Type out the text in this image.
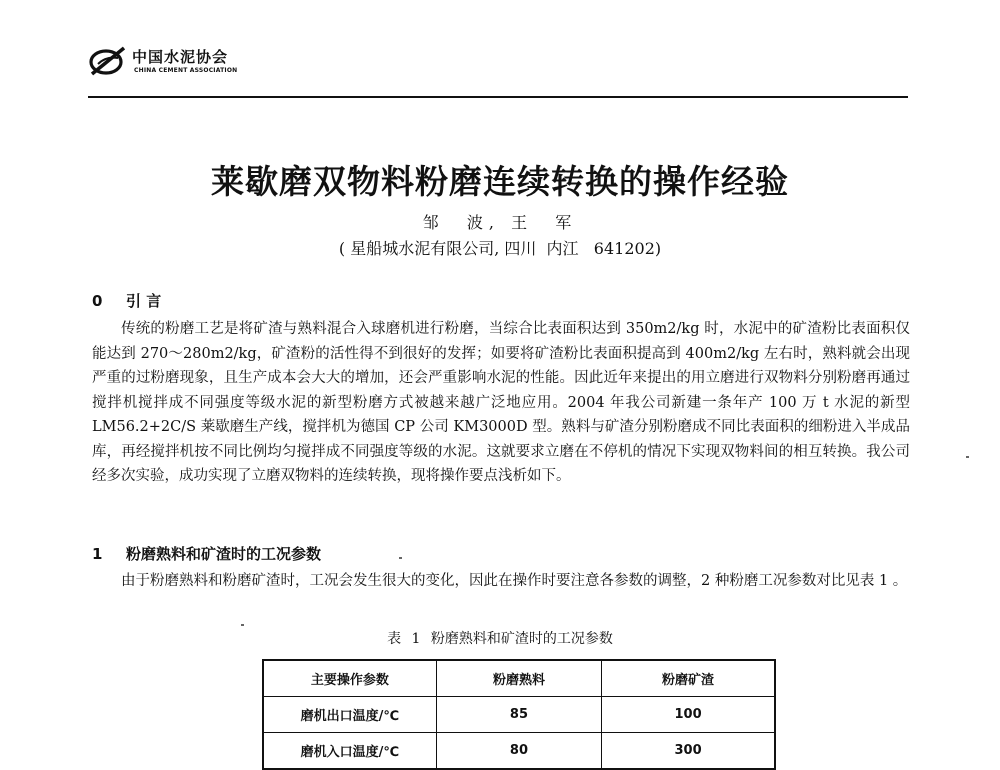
中国水泥协会
CHINA CEMENT ASSOCIATION
莱歇磨双物料粉磨连续转换的操作经验
邹  波, 王  军
( 星船城水泥有限公司, 四川  内江   641202)
0 引 言

传统的粉磨工艺是将矿渣与熟料混合入球磨机进行粉磨，当综合比表面积达到 350m2/kg 时，水泥中的矿渣粉比表面积仅能达到 270～280m2/kg，矿渣粉的活性得不到很好的发挥；如要将矿渣粉比表面积提高到 400m2/kg 左右时，熟料就会出现严重的过粉磨现象，且生产成本会大大的增加，还会严重影响水泥的性能。因此近年来提出的用立磨进行双物料分别粉磨再通过搅拌机搅拌成不同强度等级水泥的新型粉磨方式被越来越广泛地应用。2004 年我公司新建一条年产 100 万 t 水泥的新型 LM56.2+2C/S 莱歇磨生产线，搅拌机为德国 CP 公司 KM3000D 型。熟料与矿渣分别粉磨成不同比表面积的细粉进入半成品库，再经搅拌机按不同比例均匀搅拌成不同强度等级的水泥。这就要求立磨在不停机的情况下实现双物料间的相互转换。我公司经多次实验，成功实现了立磨双物料的连续转换，现将操作要点浅析如下。

1 粉磨熟料和矿渣时的工况参数

由于粉磨熟料和粉磨矿渣时，工况会发生很大的变化，因此在操作时要注意各参数的调整，2 种粉磨工况参数对比见表 1 。

表 1 粉磨熟料和矿渣时的工况参数
主要操作参数	粉磨熟料	粉磨矿渣
磨机出口温度/℃	85	100
磨机入口温度/℃	80	300
